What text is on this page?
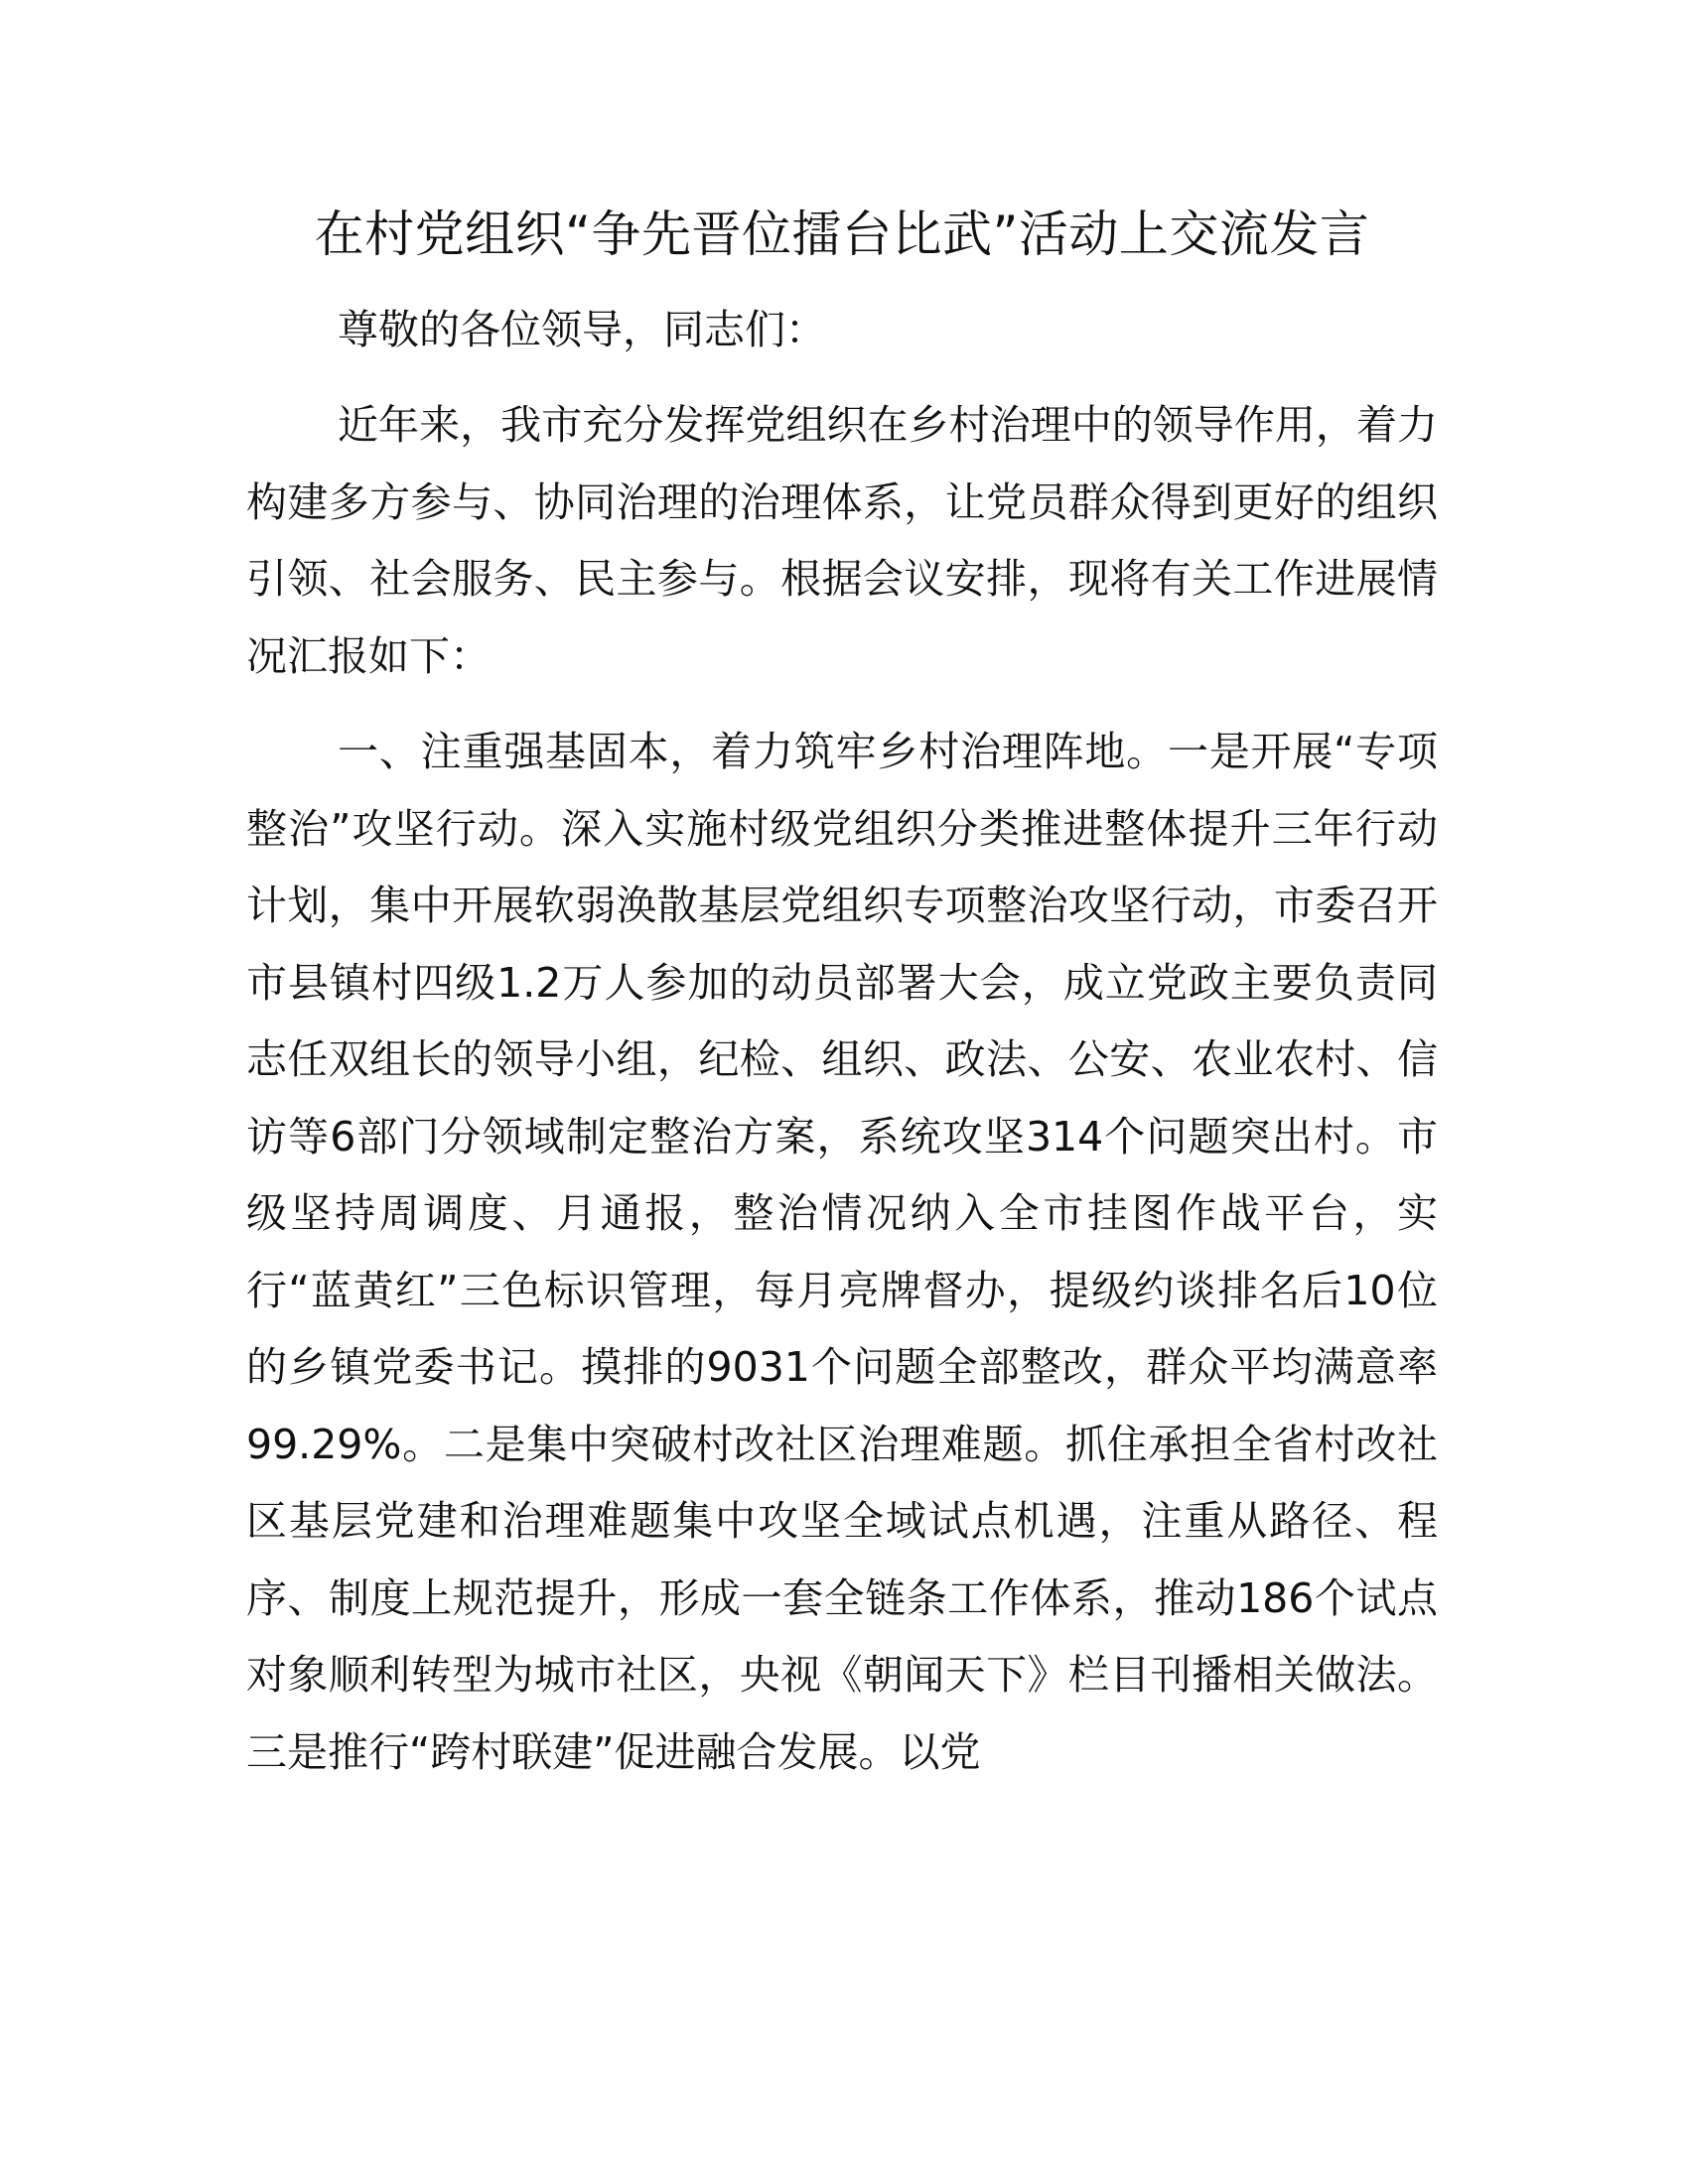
在村党组织“争先晋位擂台比武”活动上交流发言

尊敬的各位领导，同志们：

近年来，我市充分发挥党组织在乡村治理中的领导作用，着力构建多方参与、协同治理的治理体系，让党员群众得到更好的组织引领、社会服务、民主参与。根据会议安排，现将有关工作进展情况汇报如下：

一、注重强基固本，着力筑牢乡村治理阵地。一是开展“专项整治”攻坚行动。深入实施村级党组织分类推进整体提升三年行动计划，集中开展软弱涣散基层党组织专项整治攻坚行动，市委召开市县镇村四级1.2万人参加的动员部署大会，成立党政主要负责同志任双组长的领导小组，纪检、组织、政法、公安、农业农村、信访等6部门分领域制定整治方案，系统攻坚314个问题突出村。市级坚持周调度、月通报，整治情况纳入全市挂图作战平台，实行“蓝黄红”三色标识管理，每月亮牌督办，提级约谈排名后10位的乡镇党委书记。摸排的9031个问题全部整改，群众平均满意率99.29%。二是集中突破村改社区治理难题。抓住承担全省村改社区基层党建和治理难题集中攻坚全域试点机遇，注重从路径、程序、制度上规范提升，形成一套全链条工作体系，推动186个试点对象顺利转型为城市社区，央视《朝闻天下》栏目刊播相关做法。三是推行“跨村联建”促进融合发展。以党
